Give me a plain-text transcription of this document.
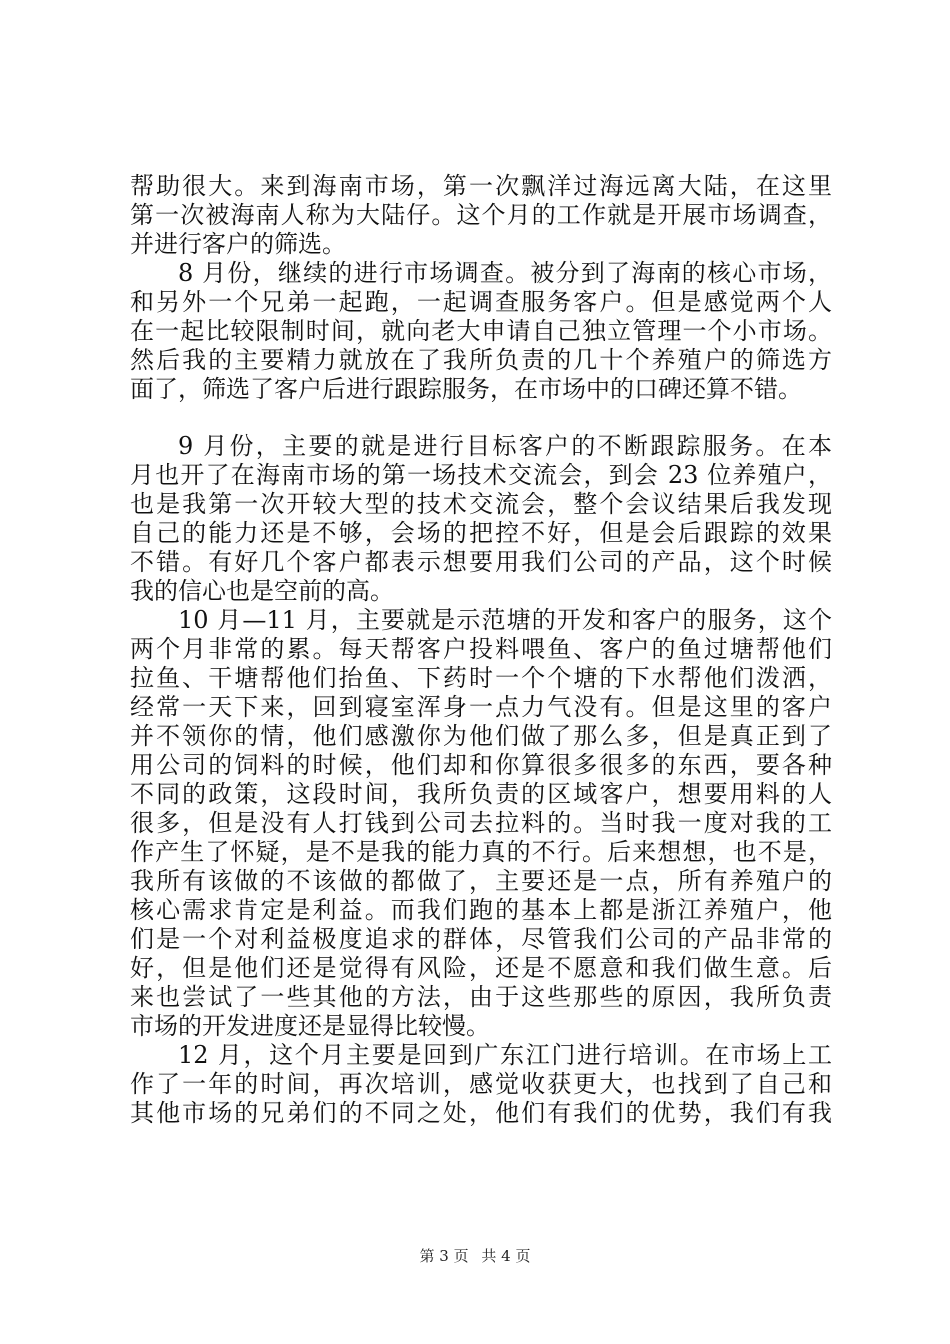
帮助很大。来到海南市场，第一次飘洋过海远离大陆，在这里
第一次被海南人称为大陆仔。这个月的工作就是开展市场调查，
并进行客户的筛选。
8 月份，继续的进行市场调查。被分到了海南的核心市场，
和另外一个兄弟一起跑，一起调查服务客户。但是感觉两个人
在一起比较限制时间，就向老大申请自己独立管理一个小市场。
然后我的主要精力就放在了我所负责的几十个养殖户的筛选方
面了，筛选了客户后进行跟踪服务，在市场中的口碑还算不错。
9 月份，主要的就是进行目标客户的不断跟踪服务。在本
月也开了在海南市场的第一场技术交流会，到会 23 位养殖户，
也是我第一次开较大型的技术交流会，整个会议结果后我发现
自己的能力还是不够，会场的把控不好，但是会后跟踪的效果
不错。有好几个客户都表示想要用我们公司的产品，这个时候
我的信心也是空前的高。
10 月—11 月，主要就是示范塘的开发和客户的服务，这个
两个月非常的累。每天帮客户投料喂鱼、客户的鱼过塘帮他们
拉鱼、干塘帮他们抬鱼、下药时一个个塘的下水帮他们泼洒，
经常一天下来，回到寝室浑身一点力气没有。但是这里的客户
并不领你的情，他们感激你为他们做了那么多，但是真正到了
用公司的饲料的时候，他们却和你算很多很多的东西，要各种
不同的政策，这段时间，我所负责的区域客户，想要用料的人
很多，但是没有人打钱到公司去拉料的。当时我一度对我的工
作产生了怀疑，是不是我的能力真的不行。后来想想，也不是，
我所有该做的不该做的都做了，主要还是一点，所有养殖户的
核心需求肯定是利益。而我们跑的基本上都是浙江养殖户，他
们是一个对利益极度追求的群体，尽管我们公司的产品非常的
好，但是他们还是觉得有风险，还是不愿意和我们做生意。后
来也尝试了一些其他的方法，由于这些那些的原因，我所负责
市场的开发进度还是显得比较慢。
12 月，这个月主要是回到广东江门进行培训。在市场上工
作了一年的时间，再次培训，感觉收获更大，也找到了自己和
其他市场的兄弟们的不同之处，他们有我们的优势，我们有我
第 3 页 共 4 页
